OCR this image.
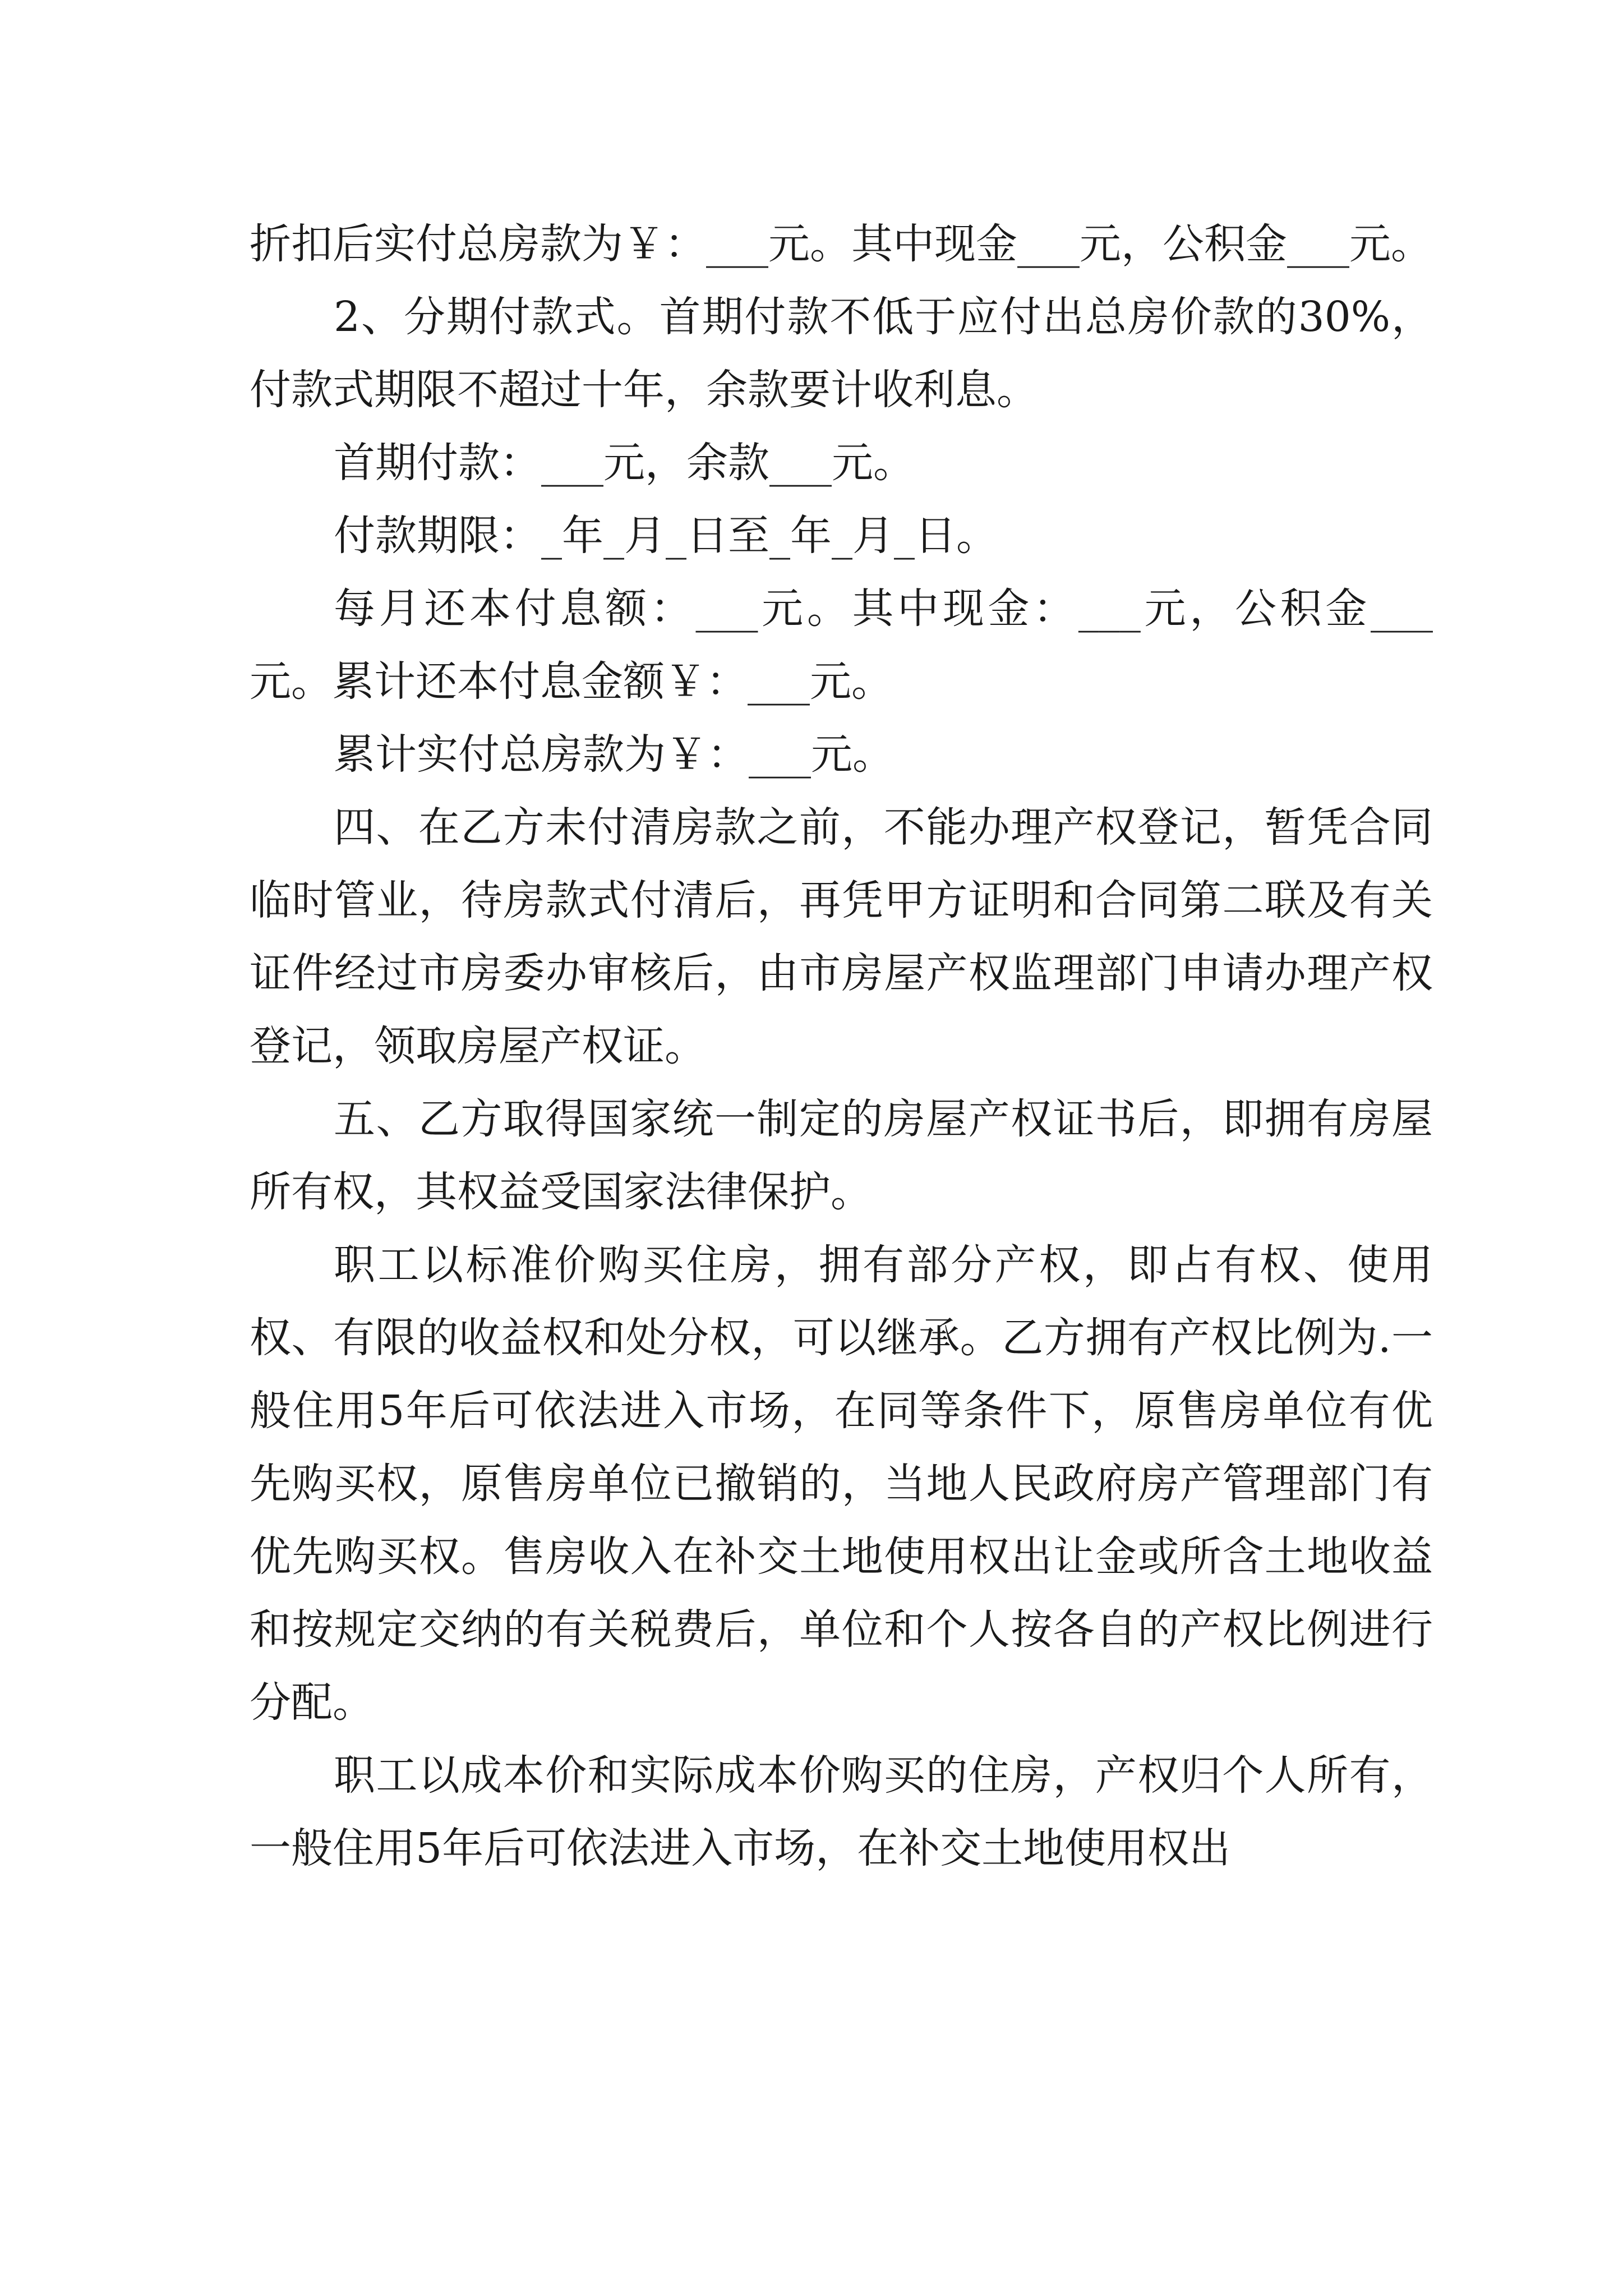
折扣后实付总房款为￥：___元。其中现金___元，公积金___元。

2、分期付款式。首期付款不低于应付出总房价款的30%，付款式期限不超过十年，余款要计收利息。

首期付款：___元，余款___元。

付款期限：_年_月_日至_年_月_日。

每月还本付息额：___元。其中现金：___元，公积金___元。累计还本付息金额￥：___元。

累计实付总房款为￥：___元。

四、在乙方未付清房款之前，不能办理产权登记，暂凭合同临时管业，待房款式付清后，再凭甲方证明和合同第二联及有关证件经过市房委办审核后，由市房屋产权监理部门申请办理产权登记，领取房屋产权证。

五、乙方取得国家统一制定的房屋产权证书后，即拥有房屋所有权，其权益受国家法律保护。

职工以标准价购买住房，拥有部分产权，即占有权、使用权、有限的收益权和处分权，可以继承。乙方拥有产权比例为.一般住用5年后可依法进入市场，在同等条件下，原售房单位有优先购买权，原售房单位已撤销的，当地人民政府房产管理部门有优先购买权。售房收入在补交土地使用权出让金或所含土地收益和按规定交纳的有关税费后，单位和个人按各自的产权比例进行分配。

职工以成本价和实际成本价购买的住房，产权归个人所有，一般住用5年后可依法进入市场，在补交土地使用权出
